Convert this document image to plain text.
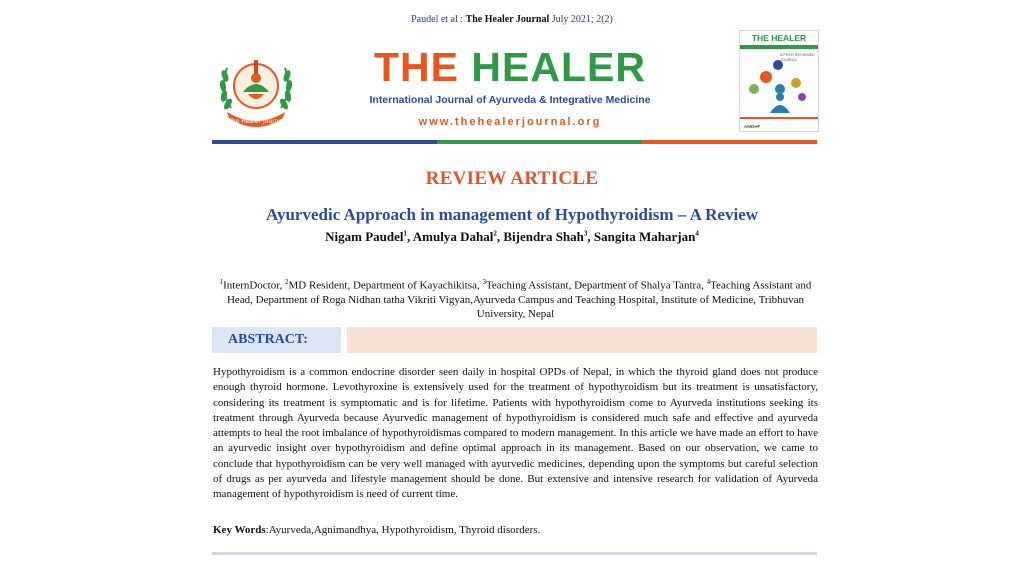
Paudel et al : The Healer Journal July 2021; 2(2)
The Healer Journal
THE HEALER
International Journal of Ayurveda & Integrative Medicine
www.thehealerjournal.org
THE HEALER
A PEER REVIEWED JOURNAL
AMDHF
REVIEW ARTICLE
Ayurvedic Approach in management of Hypothyroidism – A Review
Nigam Paudel$^1$, Amulya Dahal$^2$, Bijendra Shah$^3$, Sangita Maharjan$^4$
$^1$InternDoctor, $^2$MD Resident, Department of Kayachikitsa, $^3$Teaching Assistant, Department of Shalya Tantra, $^4$Teaching Assistant and Head, Department of Roga Nidhan tatha Vikriti Vigyan,Ayurveda Campus and Teaching Hospital, Institute of Medicine, Tribhuvan University, Nepal
ABSTRACT:

Hypothyroidism is a common endocrine disorder seen daily in hospital OPDs of Nepal, in which the thyroid gland does not produce enough thyroid hormone. Levothyroxine is extensively used for the treatment of hypothyroidism but its treatment is unsatisfactory, considering its treatment is symptomatic and is for lifetime. Patients with hypothyroidism come to Ayurveda institutions seeking its treatment through Ayurveda because Ayurvedic management of hypothyroidism is considered much safe and effective and ayurveda attempts to heal the root imbalance of hypothyroidismas compared to modern management. In this article we have made an effort to have an ayurvedic insight over hypothyroidism and define optimal approach in its management. Based on our observation, we came to conclude that hypothyroidism can be very well managed with ayurvedic medicines, depending upon the symptoms but careful selection of drugs as per ayurveda and lifestyle management should be done. But extensive and intensive research for validation of Ayurveda management of hypothyroidism is need of current time.

Key Words:Ayurveda,Agnimandhya, Hypothyroidism, Thyroid disorders.
